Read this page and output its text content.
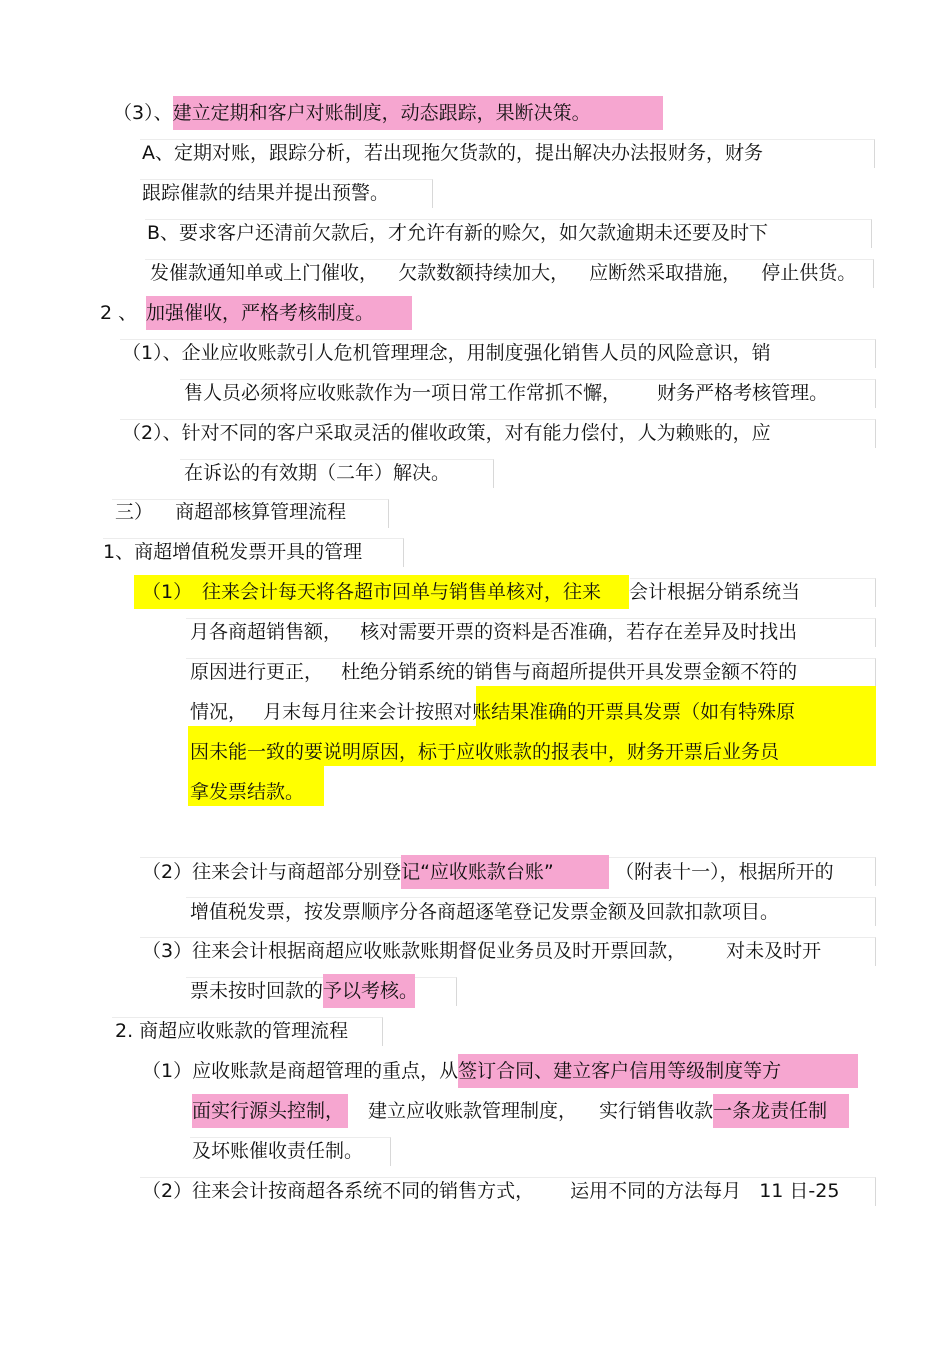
（3）、建立定期和客户对账制度，动态跟踪，果断决策。
A、定期对账，跟踪分析，若出现拖欠货款的，提出解决办法报财务，财务
跟踪催款的结果并提出预警。
B、要求客户还清前欠款后，才允许有新的赊欠，如欠款逾期未还要及时下
发催款通知单或上门催收， 欠款数额持续加大， 应断然采取措施， 停止供货。
2 、 加强催收，严格考核制度。
（1）、企业应收账款引人危机管理理念，用制度强化销售人员的风险意识，销
售人员必须将应收账款作为一项日常工作常抓不懈， 财务严格考核管理。
（2）、针对不同的客户采取灵活的催收政策，对有能力偿付，人为赖账的，应
在诉讼的有效期（二年）解决。
三） 商超部核算管理流程
1、商超增值税发票开具的管理
（1） 往来会计每天将各超市回单与销售单核对，往来 会计根据分销系统当
月各商超销售额， 核对需要开票的资料是否准确，若存在差异及时找出
原因进行更正， 杜绝分销系统的销售与商超所提供开具发票金额不符的
情况， 月末每月往来会计按照对账结果准确的开票具发票（如有特殊原
因未能一致的要说明原因，标于应收账款的报表中，财务开票后业务员
拿发票结款。
（2）往来会计与商超部分别登记“应收账款台账”	（附表十一），根据所开的
增值税发票，按发票顺序分各商超逐笔登记发票金额及回款扣款项目。
（3）往来会计根据商超应收账款账期督促业务员及时开票回款， 对未及时开
票未按时回款的予以考核。
2. 商超应收账款的管理流程
（1）应收账款是商超管理的重点，从签订合同、建立客户信用等级制度等方
面实行源头控制， 建立应收账款管理制度， 实行销售收款一条龙责任制
及坏账催收责任制。
（2）往来会计按商超各系统不同的销售方式， 运用不同的方法每月 11 日-25
